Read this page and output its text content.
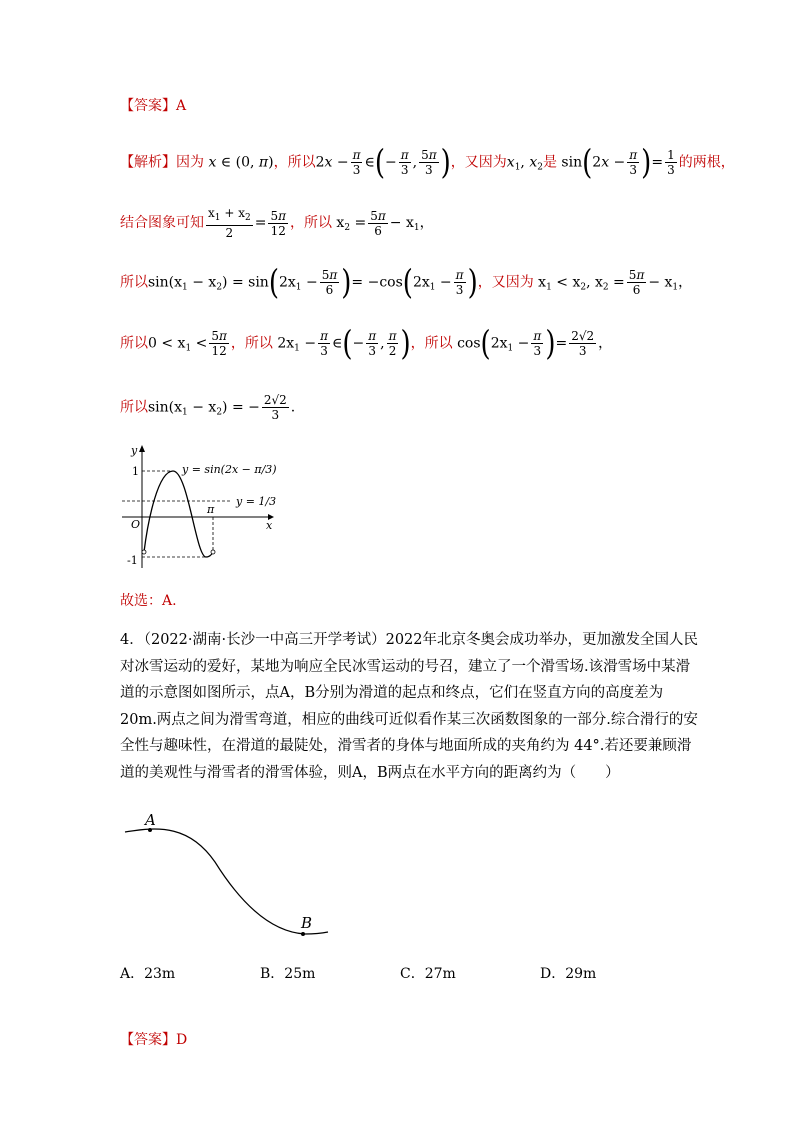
【答案】A
【解析】因为 x ∈ (0, π)，所以$2x - \frac{\pi}{3}$ ∈(− $\frac{\pi}{3}$ , $\frac{5\pi}{3}$ )，又因为$x_1$, $x_2$是 $\sin(2x - \frac{\pi}{3}$ )= $\frac{1}{3}$ 的两根，
结合图象可知 $\frac{x_1 + x_2}{2} = \frac{5\pi}{12}$ ，所以 $x_2 = \frac{5\pi}{6} - x_1$，
所以$\sin(x_1 - x_2) = \sin(2x_1 - \frac{5\pi}{6}$ )= $-\cos(2x_1 - \frac{\pi}{3}$ )，又因为 $x_1 < x_2$, $x_2 = \frac{5\pi}{6} - x_1$，
所以$0 < x_1 < \frac{5\pi}{12}$ ，所以 $2x_1 - \frac{\pi}{3}$ ∈(− $\frac{\pi}{3}$ , $\frac{\pi}{2}$ )，所以 $\cos(2x_1 - \frac{\pi}{3}$ )= $\frac{2√2}{3}$ ，
所以$\sin(x_1 - x_2)$ = − $\frac{2√2}{3}$ .
y
x
O
1
-1
π
y = sin(2x − π/3)
y = 1/3
故选：A.
4．（2022·湖南·长沙一中高三开学考试）2022年北京冬奥会成功举办，更加激发全国人民对冰雪运动的爱好，某地为响应全民冰雪运动的号召，建立了一个滑雪场.该滑雪场中某滑道的示意图如图所示，点A，B分别为滑道的起点和终点，它们在竖直方向的高度差为 20m.两点之间为滑雪弯道，相应的曲线可近似看作某三次函数图象的一部分.综合滑行的安全性与趣味性，在滑道的最陡处，滑雪者的身体与地面所成的夹角约为 44°.若还要兼顾滑道的美观性与滑雪者的滑雪体验，则A，B两点在水平方向的距离约为（　　）
A
B
A．23m	B．25m	C．27m	D．29m
【答案】D
